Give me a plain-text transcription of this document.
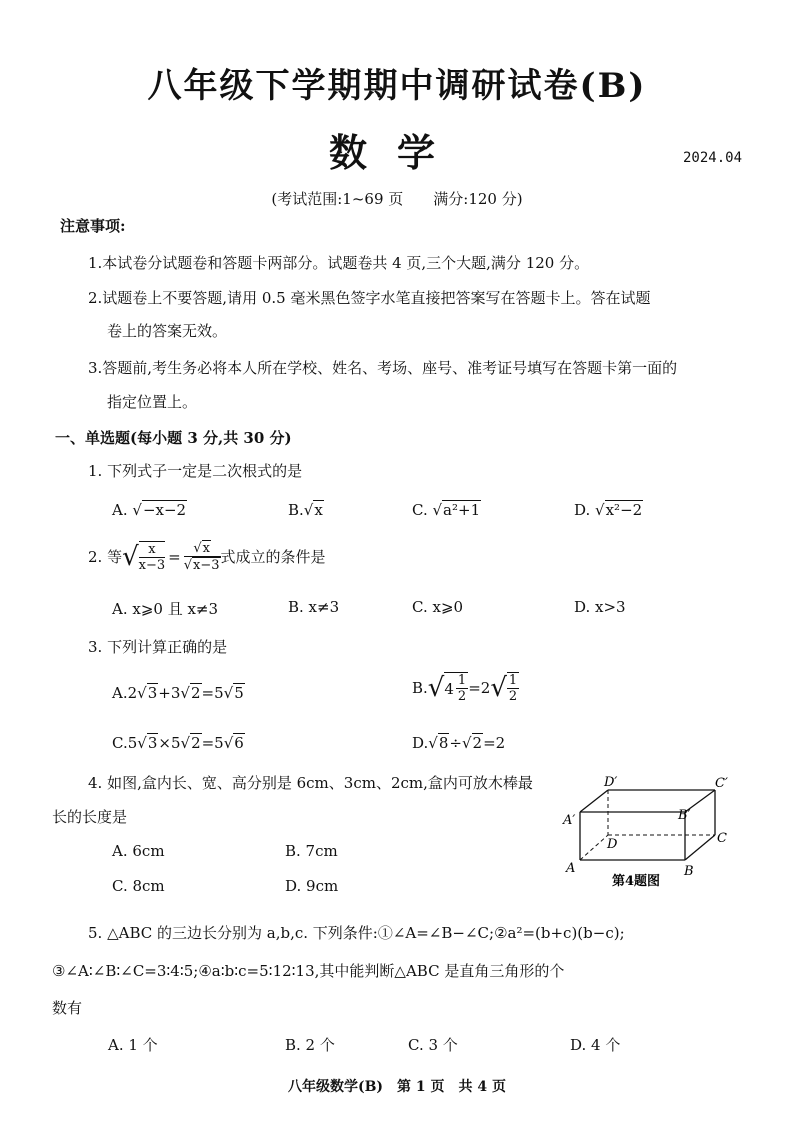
八年级下学期期中调研试卷(B)
数学	2024.04
(考试范围:1~69 页　　满分:120 分)
注意事项:
1.本试卷分试题卷和答题卡两部分。试题卷共 4 页,三个大题,满分 120 分。
2.试题卷上不要答题,请用 0.5 毫米黑色签字水笔直接把答案写在答题卡上。答在试题
卷上的答案无效。
3.答题前,考生务必将本人所在学校、姓名、考场、座号、准考证号填写在答题卡第一面的
指定位置上。
一、单选题(每小题 3 分,共 30 分)
1. 下列式子一定是二次根式的是
A. √−x−2	B.√x	C. √a²+1	D. √x²−2
2. 等 √ $\frac{x}{x-3} = \frac{√x}{√x-3}$ 式成立的条件是
A. x⩾0 且 x≠3	B. x≠3	C. x⩾0	D. x>3
3. 下列计算正确的是
A.2√3+3√2=5√5	B. √ $4 \frac{1}{2} =2$ √ $\frac{1}{2}$
C.5√3×5√2=5√6	D.√8÷√2=2
4. 如图,盒内长、宽、高分别是 6cm、3cm、2cm,盒内可放木棒最
长的长度是
A. 6cm	B. 7cm
C. 8cm	D. 9cm
D′	C′
A′	B′
C
D
A	B
第4题图
5. △ABC 的三边长分别为 a,b,c. 下列条件:①∠A=∠B−∠C;②a²=(b+c)(b−c);
③∠A∶∠B∶∠C=3∶4∶5;④a∶b∶c=5∶12∶13,其中能判断△ABC 是直角三角形的个
数有
A. 1 个	B. 2 个	C. 3 个	D. 4 个
八年级数学(B)　第 1 页　共 4 页
